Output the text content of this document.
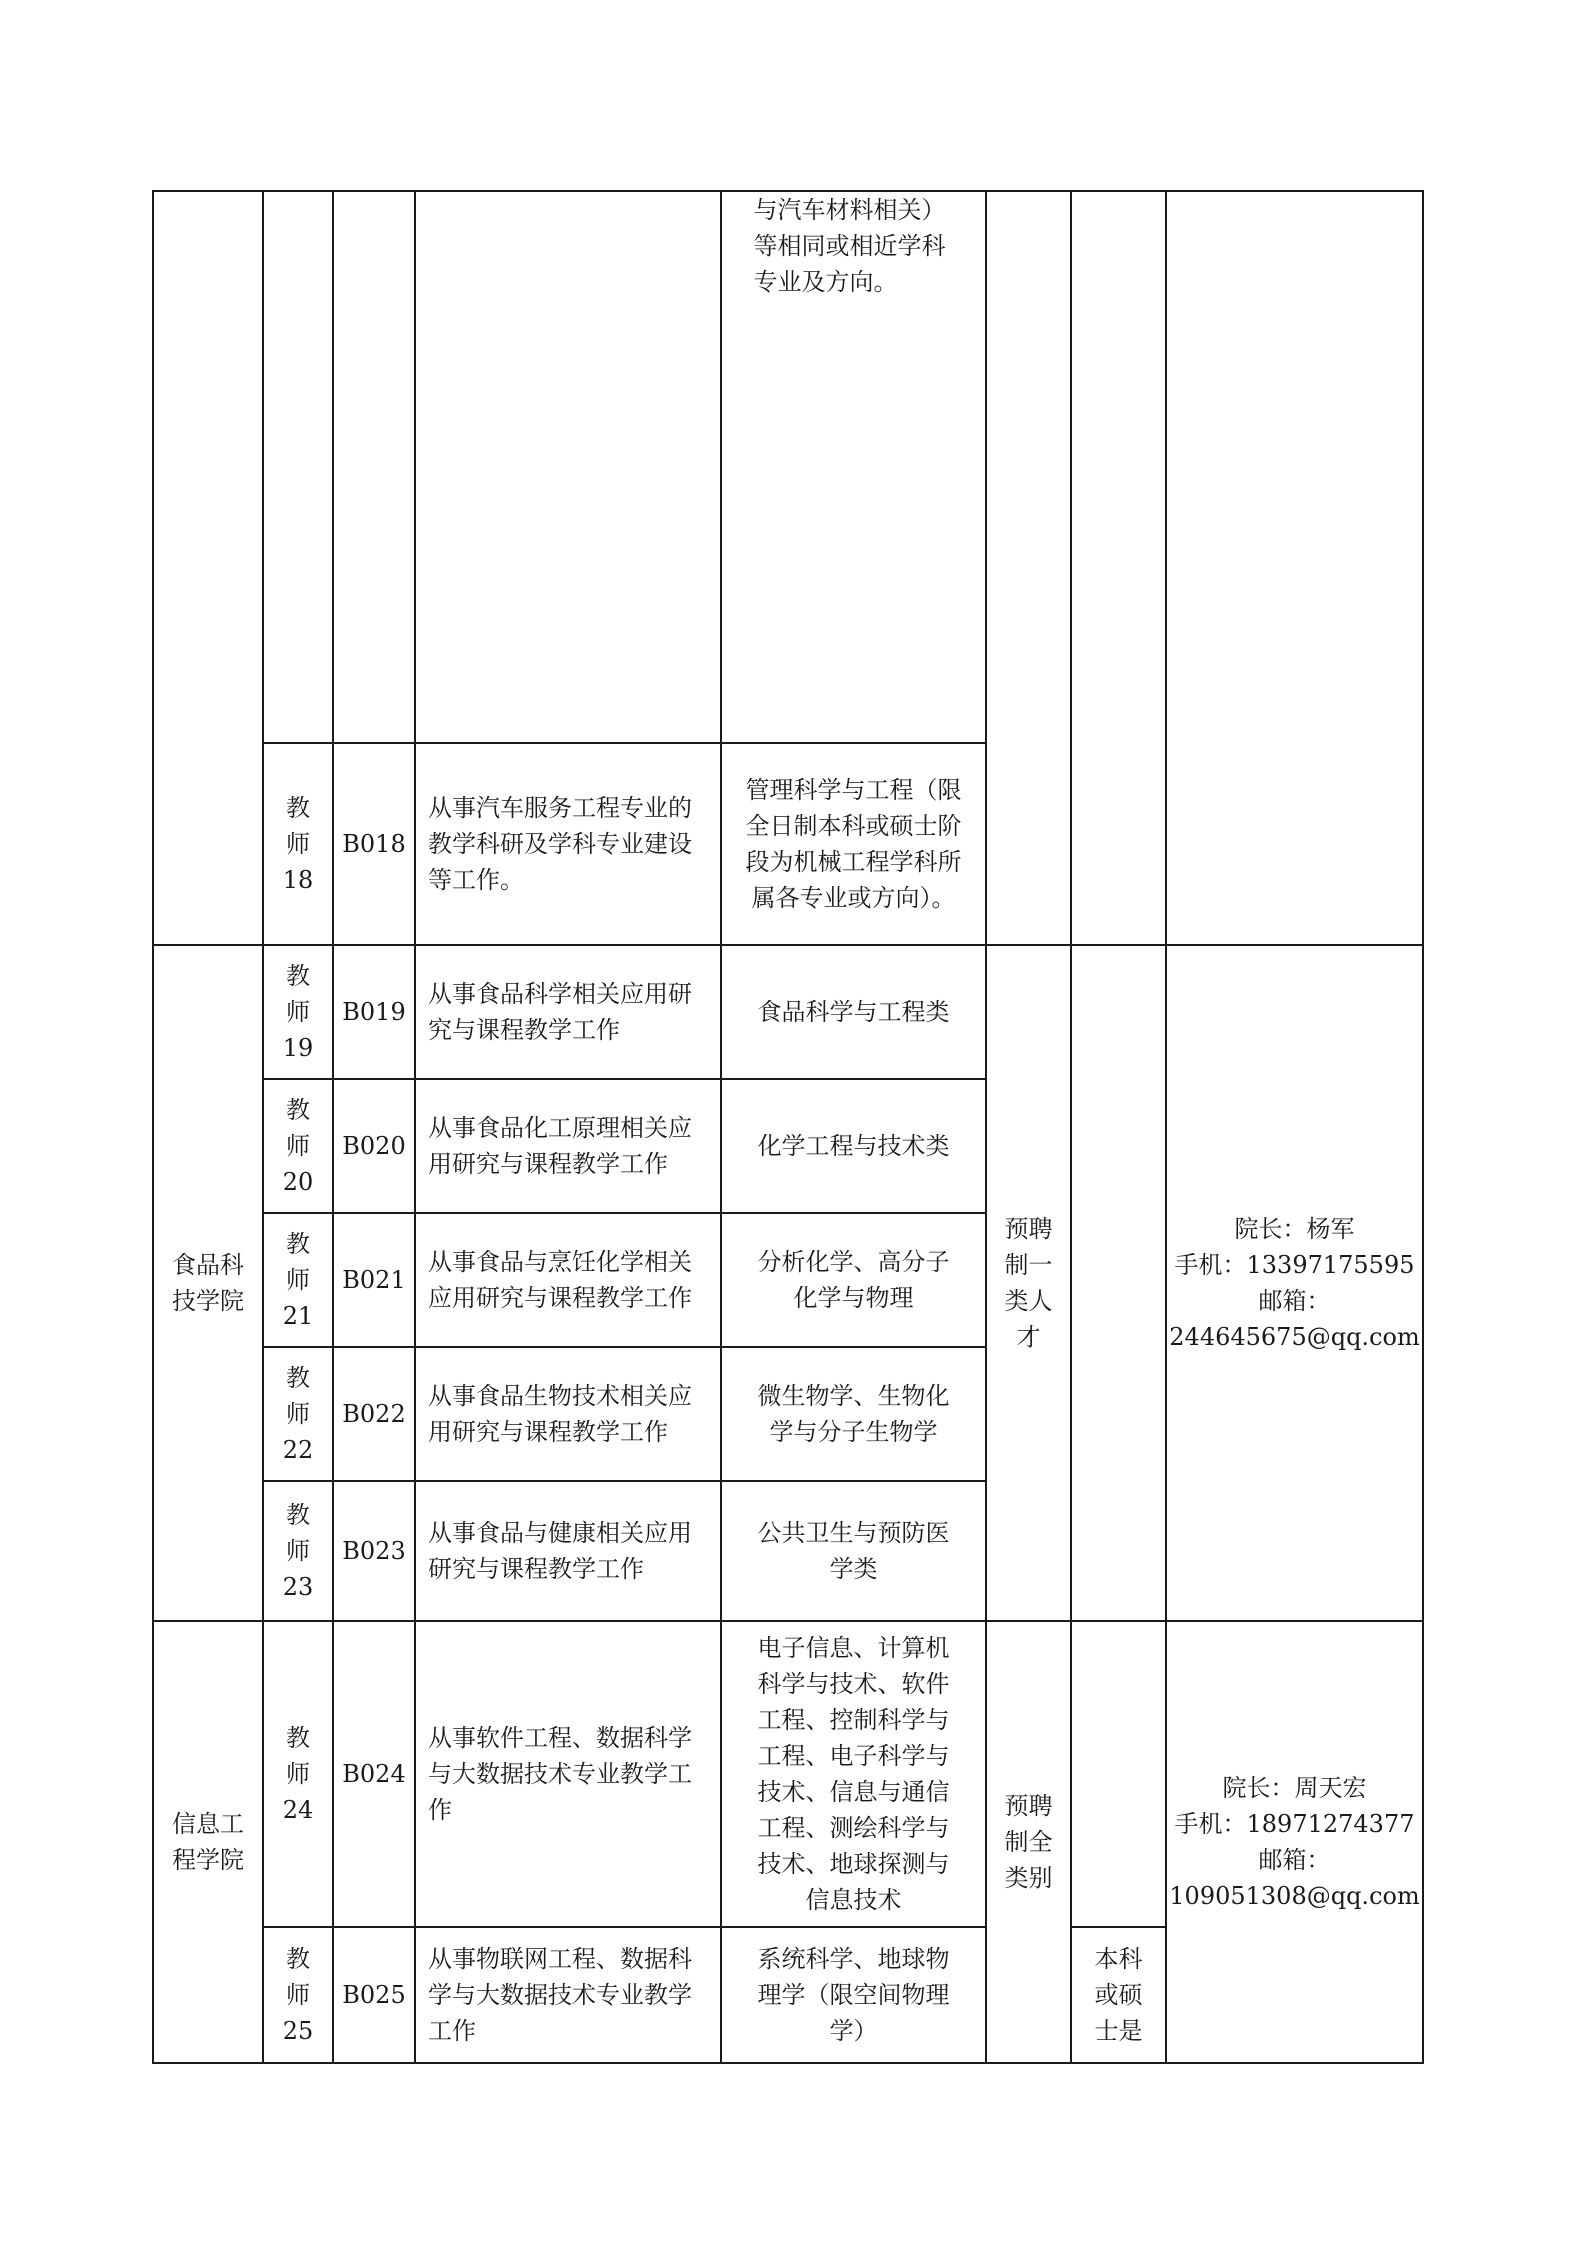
				与汽车材料相关）等相同或相近学科专业及方向。			

	教师18	B018	从事汽车服务工程专业的教学科研及学科专业建设等工作。	管理科学与工程（限全日制本科或硕士阶段为机械工程学科所属各专业或方向）。			

食品科技学院	教师19	B019	从事食品科学相关应用研究与课程教学工作	食品科学与工程类	预聘制一类人才		院长：杨军
手机：13397175595
邮箱：
244645675@qq.com

	教师20	B020	从事食品化工原理相关应用研究与课程教学工作	化学工程与技术类			

	教师21	B021	从事食品与烹饪化学相关应用研究与课程教学工作	分析化学、高分子化学与物理			

	教师22	B022	从事食品生物技术相关应用研究与课程教学工作	微生物学、生物化学与分子生物学			

	教师23	B023	从事食品与健康相关应用研究与课程教学工作	公共卫生与预防医学类			

信息工程学院	教师24	B024	从事软件工程、数据科学与大数据技术专业教学工作	电子信息、计算机科学与技术、软件工程、控制科学与工程、电子科学与技术、信息与通信工程、测绘科学与技术、地球探测与信息技术	预聘制全类别		院长：周天宏
手机：18971274377
邮箱：
109051308@qq.com

	教师25	B025	从事物联网工程、数据科学与大数据技术专业教学工作	系统科学、地球物理学（限空间物理学）		本科或硕士是	
